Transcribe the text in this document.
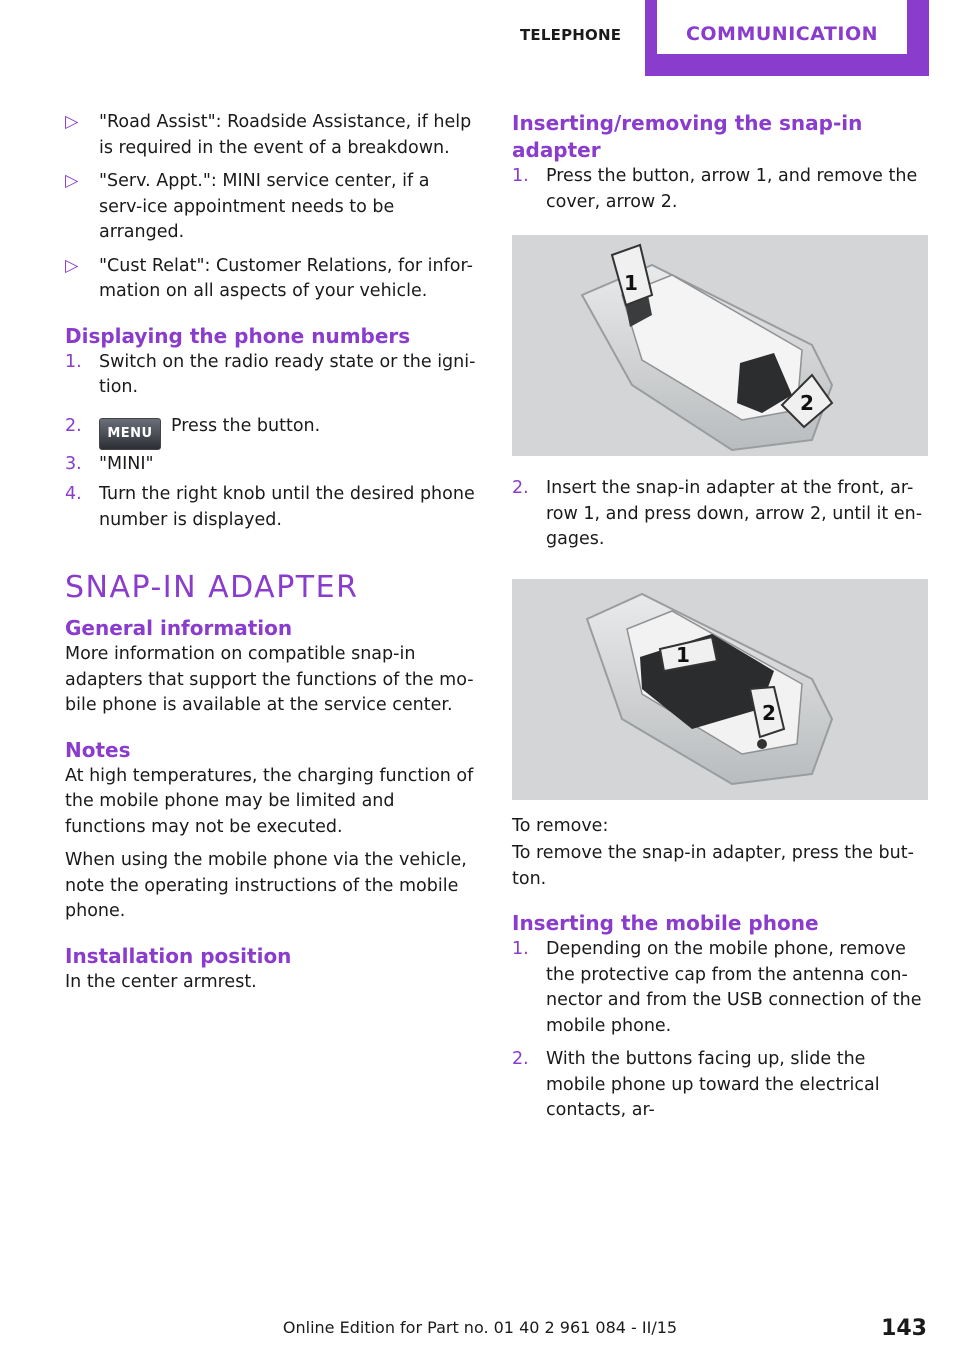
TELEPHONE	COMMUNICATION
▷ "Road Assist": Roadside Assistance, if help is required in the event of a breakdown.
▷ "Serv. Appt.": MINI service center, if a serv-ice appointment needs to be arranged.
▷ "Cust Relat": Customer Relations, for infor-mation on all aspects of your vehicle.
Displaying the phone numbers
1. Switch on the radio ready state or the igni-tion.
2. MENU Press the button.
3. "MINI"
4. Turn the right knob until the desired phone number is displayed.
SNAP-IN ADAPTER
General information

More information on compatible snap-in adapters that support the functions of the mo-bile phone is available at the service center.

Notes

At high temperatures, the charging function of the mobile phone may be limited and functions may not be executed.

When using the mobile phone via the vehicle, note the operating instructions of the mobile phone.

Installation position

In the center armrest.

Inserting/removing the snap-in adapter
1. Press the button, arrow 1, and remove the cover, arrow 2.
1
2
2. Insert the snap-in adapter at the front, ar-row 1, and press down, arrow 2, until it en-gages.
1
2

To remove:

To remove the snap-in adapter, press the but-ton.

Inserting the mobile phone
1. Depending on the mobile phone, remove the protective cap from the antenna con-nector and from the USB connection of the mobile phone.
2. With the buttons facing up, slide the mobile phone up toward the electrical contacts, ar-
Online Edition for Part no. 01 40 2 961 084 - II/15	143
